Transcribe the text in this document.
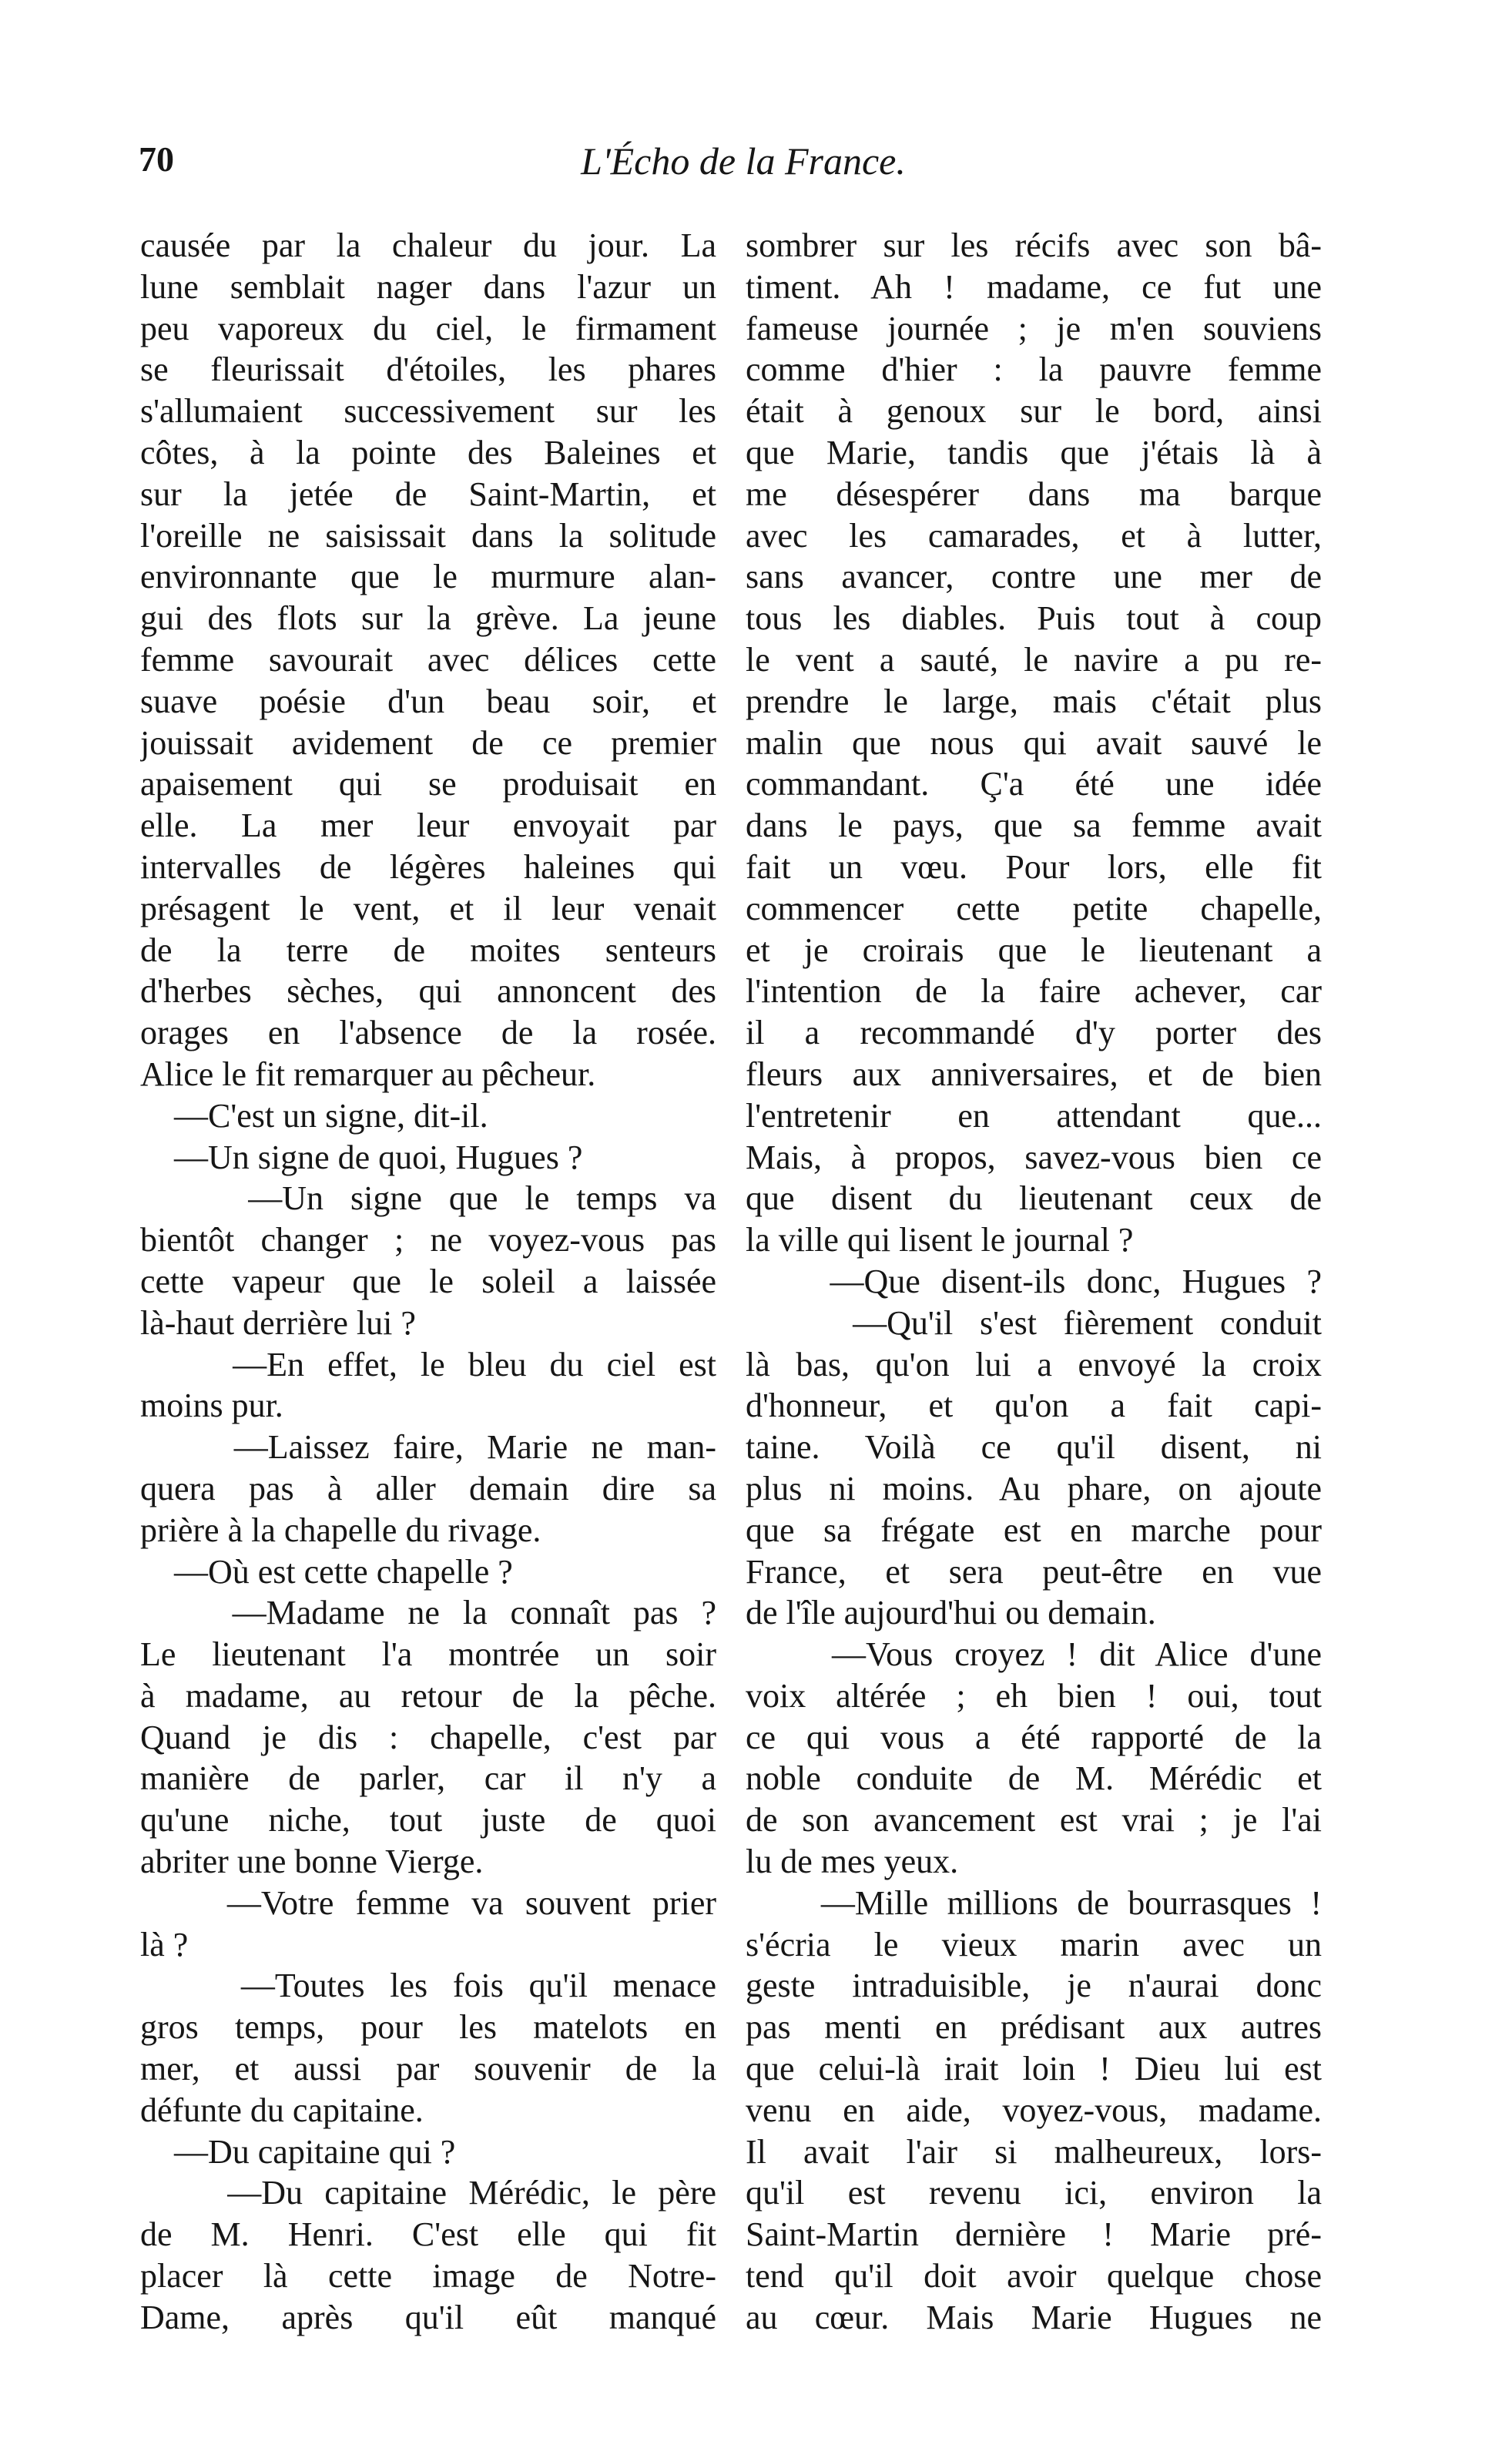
L'Écho de la France.
70
causée par la chaleur du jour. La
lune semblait nager dans l'azur un
peu vaporeux du ciel, le firmament
se fleurissait d'étoiles, les phares
s'allumaient successivement sur les
côtes, à la pointe des Baleines et
sur la jetée de Saint-Martin, et
l'oreille ne saisissait dans la solitude
environnante que le murmure alan-
gui des flots sur la grève. La jeune
femme savourait avec délices cette
suave poésie d'un beau soir, et
jouissait avidement de ce premier
apaisement qui se produisait en
elle. La mer leur envoyait par
intervalles de légères haleines qui
présagent le vent, et il leur venait
de la terre de moites senteurs
d'herbes sèches, qui annoncent des
orages en l'absence de la rosée.
Alice le fit remarquer au pêcheur.
—C'est un signe, dit-il.
—Un signe de quoi, Hugues ?
—Un signe que le temps va
bientôt changer ; ne voyez-vous pas
cette vapeur que le soleil a laissée
là-haut derrière lui ?
—En effet, le bleu du ciel est
moins pur.
—Laissez faire, Marie ne man-
quera pas à aller demain dire sa
prière à la chapelle du rivage.
—Où est cette chapelle ?
—Madame ne la connaît pas ?
Le lieutenant l'a montrée un soir
à madame, au retour de la pêche.
Quand je dis : chapelle, c'est par
manière de parler, car il n'y a
qu'une niche, tout juste de quoi
abriter une bonne Vierge.
—Votre femme va souvent prier
là ?
—Toutes les fois qu'il menace
gros temps, pour les matelots en
mer, et aussi par souvenir de la
défunte du capitaine.
—Du capitaine qui ?
—Du capitaine Mérédic, le père
de M. Henri. C'est elle qui fit
placer là cette image de Notre-
Dame, après qu'il eût manqué
sombrer sur les récifs avec son bâ-
timent. Ah ! madame, ce fut une
fameuse journée ; je m'en souviens
comme d'hier : la pauvre femme
était à genoux sur le bord, ainsi
que Marie, tandis que j'étais là à
me désespérer dans ma barque
avec les camarades, et à lutter,
sans avancer, contre une mer de
tous les diables. Puis tout à coup
le vent a sauté, le navire a pu re-
prendre le large, mais c'était plus
malin que nous qui avait sauvé le
commandant. Ç'a été une idée
dans le pays, que sa femme avait
fait un vœu. Pour lors, elle fit
commencer cette petite chapelle,
et je croirais que le lieutenant a
l'intention de la faire achever, car
il a recommandé d'y porter des
fleurs aux anniversaires, et de bien
l'entretenir en attendant que...
Mais, à propos, savez-vous bien ce
que disent du lieutenant ceux de
la ville qui lisent le journal ?
—Que disent-ils donc, Hugues ?
—Qu'il s'est fièrement conduit
là bas, qu'on lui a envoyé la croix
d'honneur, et qu'on a fait capi-
taine. Voilà ce qu'il disent, ni
plus ni moins. Au phare, on ajoute
que sa frégate est en marche pour
France, et sera peut-être en vue
de l'île aujourd'hui ou demain.
—Vous croyez ! dit Alice d'une
voix altérée ; eh bien ! oui, tout
ce qui vous a été rapporté de la
noble conduite de M. Mérédic et
de son avancement est vrai ; je l'ai
lu de mes yeux.
—Mille millions de bourrasques !
s'écria le vieux marin avec un
geste intraduisible, je n'aurai donc
pas menti en prédisant aux autres
que celui-là irait loin ! Dieu lui est
venu en aide, voyez-vous, madame.
Il avait l'air si malheureux, lors-
qu'il est revenu ici, environ la
Saint-Martin dernière ! Marie pré-
tend qu'il doit avoir quelque chose
au cœur. Mais Marie Hugues ne
